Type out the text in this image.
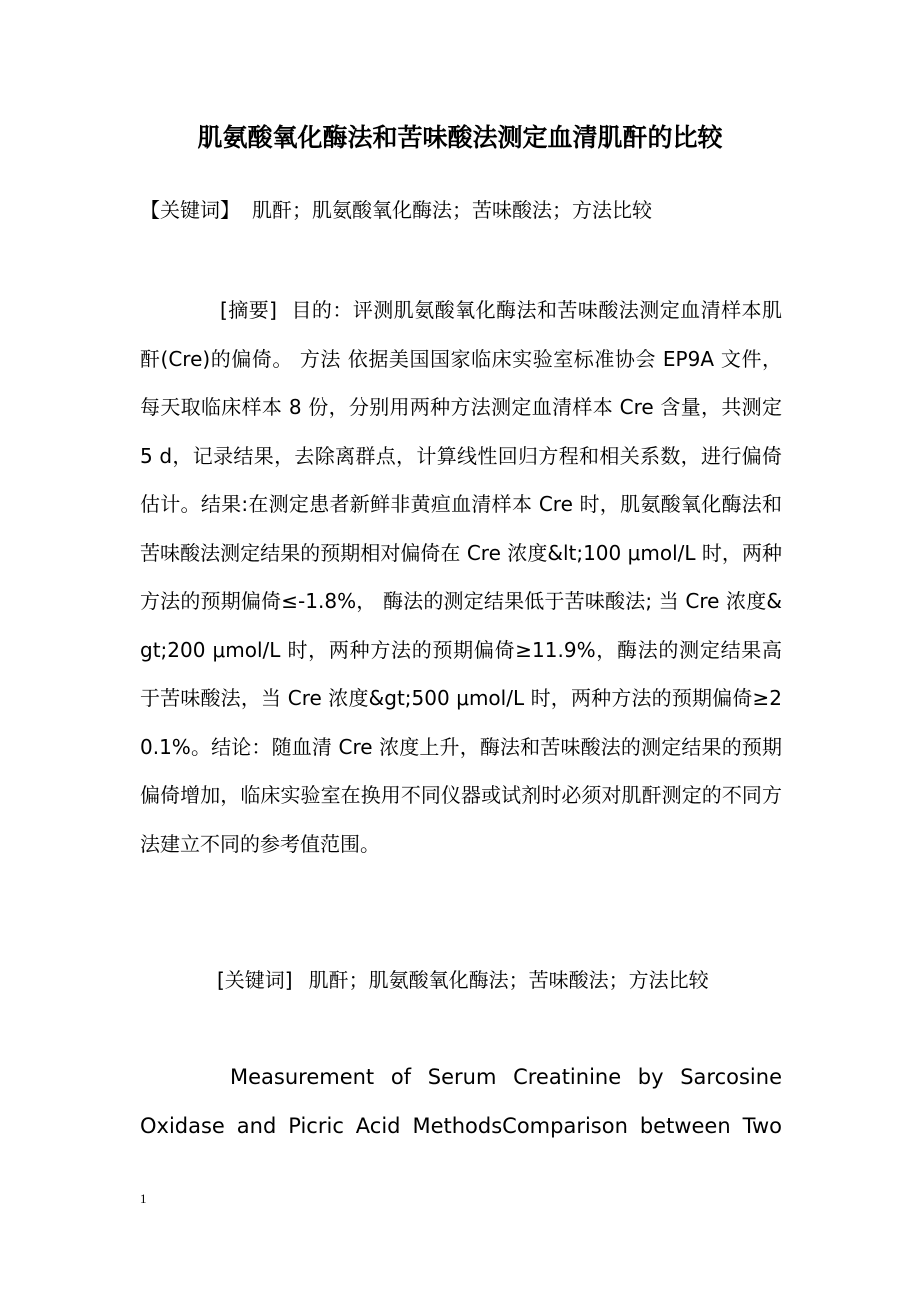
肌氨酸氧化酶法和苦味酸法测定血清肌酐的比较
【关键词】 肌酐；肌氨酸氧化酶法；苦味酸法；方法比较
[摘要] 目的：评测肌氨酸氧化酶法和苦味酸法测定血清样本肌酐(Cre)的偏倚。 方法 依据美国国家临床实验室标准协会 EP9A 文件，每天取临床样本 8 份，分别用两种方法测定血清样本 Cre 含量，共测定 5 d，记录结果，去除离群点，计算线性回归方程和相关系数，进行偏倚估计。结果:在测定患者新鲜非黄疸血清样本 Cre 时，肌氨酸氧化酶法和苦味酸法测定结果的预期相对偏倚在 Cre 浓度&lt;100 μmol/L 时，两种方法的预期偏倚≤-1.8%， 酶法的测定结果低于苦味酸法; 当 Cre 浓度&gt;200 μmol/L 时，两种方法的预期偏倚≥11.9%，酶法的测定结果高于苦味酸法，当 Cre 浓度&gt;500 μmol/L 时，两种方法的预期偏倚≥20.1%。结论：随血清 Cre 浓度上升，酶法和苦味酸法的测定结果的预期偏倚增加，临床实验室在换用不同仪器或试剂时必须对肌酐测定的不同方法建立不同的参考值范围。
[关键词] 肌酐；肌氨酸氧化酶法；苦味酸法；方法比较
Measurement of Serum Creatinine by Sarcosine Oxidase and Picric Acid MethodsComparison between Two
1
